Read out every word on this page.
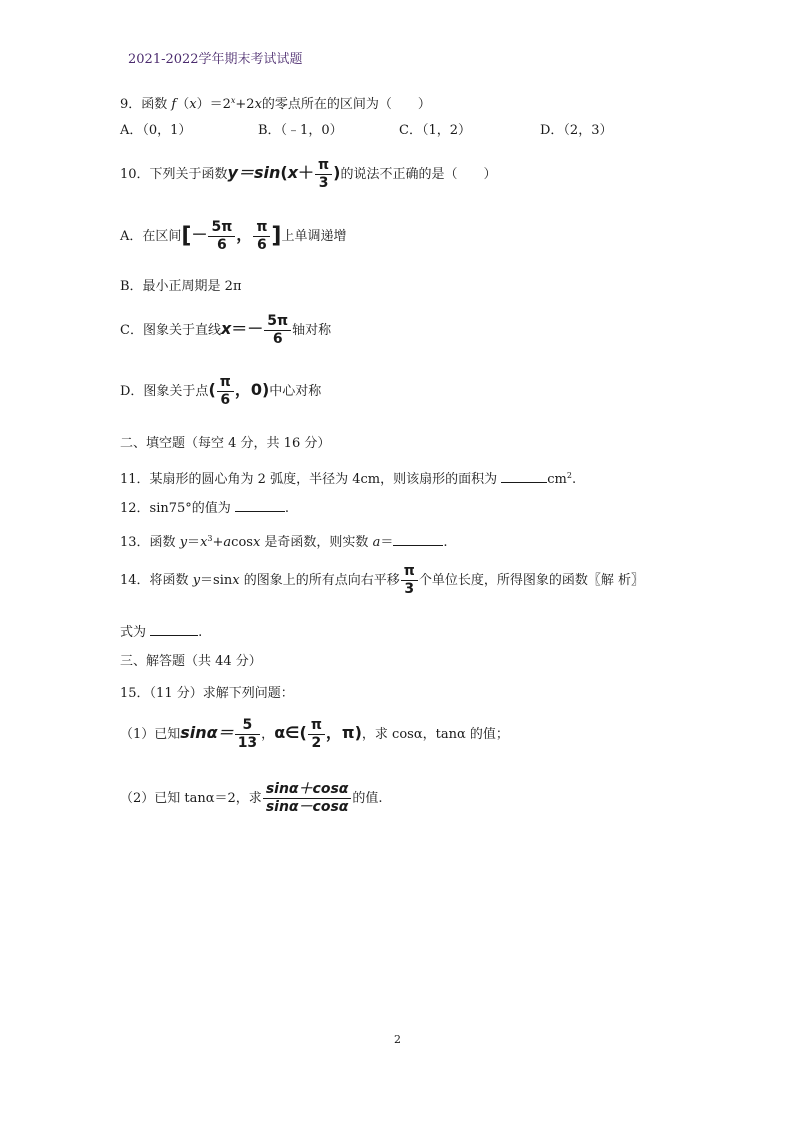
2021-2022学年期末考试试题
9．函数 $f(x)=2^x+2x$的零点所在的区间为（　　）
A．（0，1）	B．（﹣1，0）	C．（1，2）	D．（2，3）
10．下列关于函数$y=\sin(x+ \frac{\pi}{3}$ )的说法不正确的是（　　）
A．在区间[－ $\frac{5\pi}{6}$ ， $\frac{\pi}{6}$ ]上单调递增
B．最小正周期是 2π
C．图象关于直线$x=- \frac{5\pi}{6}$ 轴对称
D．图象关于点( $\frac{\pi}{6}$ ，0)中心对称
二、填空题（每空 4 分，共 16 分）
11．某扇形的圆心角为 2 弧度，半径为 4cm，则该扇形的面积为	$cm^2$.
12．sin75°的值为	.
13．函数 $y=x^3+acosx$ 是奇函数，则实数 a＝	.
14．将函数 y＝sinx 的图象上的所有点向右平移 $\frac{\pi}{3}$ 个单位长度，所得图象的函数〖解 析〗
式为	.
三、解答题（共 44 分）
15．（11 分）求解下列问题：
（1）已知$\sin\alpha= \frac{5}{13}$ ，α∈( $\frac{\pi}{2}$ ，π)，求 cosα，tanα 的值；
（2）已知 tanα＝2，求 $\frac{\sin\alpha+\cos\alpha}{\sin\alpha-\cos\alpha}$ 的值.
2
